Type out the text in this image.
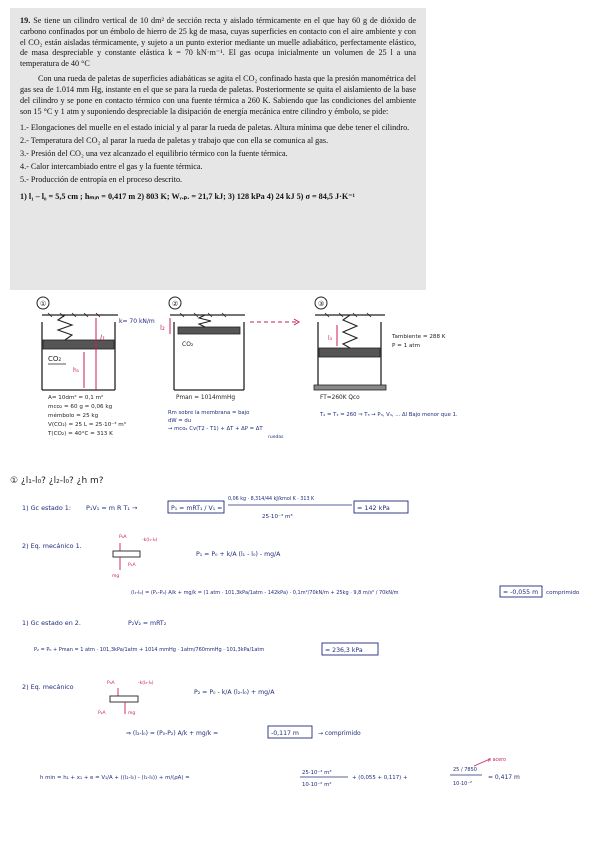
19. Se tiene un cilindro vertical de 10 dm² de sección recta y aislado térmicamente en el que hay 60 g de dióxido de carbono confinados por un émbolo de hierro de 25 kg de masa, cuyas superficies en contacto con el aire ambiente y con el CO₂ están aisladas térmicamente, y sujeto a un punto exterior mediante un muelle adiabático, perfectamente elástico, de masa despreciable y constante elástica k = 70 kN·m⁻¹. El gas ocupa inicialmente un volumen de 25 l a una temperatura de 40 °C

Con una rueda de paletas de superficies adiabáticas se agita el CO₂ confinado hasta que la presión manométrica del gas sea de 1.014 mm Hg, instante en el que se para la rueda de paletas. Posteriormente se quita el aislamiento de la base del cilindro y se pone en contacto térmico con una fuente térmica a 260 K. Sabiendo que las condiciones del ambiente son 15 °C y 1 atm y suponiendo despreciable la disipación de energía mecánica entre cilindro y émbolo, se pide:

1.- Elongaciones del muelle en el estado inicial y al parar la rueda de paletas. Altura mínima que debe tener el cilindro.
2.- Temperatura del CO₂ al parar la rueda de paletas y trabajo que con ella se comunica al gas.
3.- Presión del CO₂ una vez alcanzado el equilibrio térmico con la fuente térmica.
4.- Calor intercambiado entre el gas y la fuente térmica.
5.- Producción de entropía en el proceso descrito.

1) l₁ – l₀ = 5,5 cm ; hₘᵢₙ = 0,417 m 2) 803 K; Wᵣ.ₚ. = 21,7 kJ; 3) 128 kPa 4) 24 kJ 5) σ = 84,5 J·K⁻¹

①
k= 70 kN/m
l₁
CO₂
h₁
A= 10dm² = 0,1 m²
mco₂ = 60 g = 0,06 kg
mémbolo = 25 kg
V(CO₂) = 25 L = 25·10⁻³ m³
T(CO₂) = 40°C = 313 K
②
CO₂
l₂
Pman = 1014mmHg
Rm sobre la membrana = bajo
dW = du
→ mco₂ Cv(T2 - T1) + ΔT + ΔP = ΔT
ruedas
③
l₃
FT=260K Qco
Tambiente = 288 K
P = 1 atm
T₂ = T₃ = 260 ⇒ T₃ → P₃, V₃, ... Δl Bajo menor que 1.
① ¿l₁-l₀? ¿l₂-l₀? ¿h m?
1) Gc estado 1: P₁V₁ = m R T₁ →	P₁ = mRT₁ / V₁ =
0,06 kg · 8,314/44 kJ/kmol K · 313 K
25·10⁻³ m³
= 142 kPa
2) Eq. mecánico 1.
P₀A
-k(l₁-l₀)
P₁A
mg
P₁ = P₀ + k/A (l₁ - l₀) - mg/A
(l₁-l₀) = (P₁-P₀) A/k + mg/k = (1 atm · 101,3kPa/1atm - 142kPa) · 0,1m²/70kN/m + 25kg · 9,8 m/s² / 70kN/m	= -0,055 m comprimido
1) Gc estado en 2.	P₂V₂ = mRT₂
P₂ = P₀ + Pman = 1 atm · 101,3kPa/1atm + 1014 mmHg · 1atm/760mmHg · 101,3kPa/1atm	= 236,3 kPa
2) Eq. mecánico	P₀A	-k(l₂-l₀)
P₂A	mg
P₂ = P₀ - k/A (l₂-l₀) + mg/A
⇒ (l₂-l₀) = (P₀-P₂) A/k + mg/k =	-0,117 m	→ comprimido
h min = h₁ + x₁ + e = V₁/A + ((l₂-l₀) - (l₁-l₀)) + m/(ρA) =
25·10⁻³ m³
10·10⁻² m²
+ (0,055 + 0,117) +
25 / 7850
10·10⁻²
ρ acero
= 0,417 m
